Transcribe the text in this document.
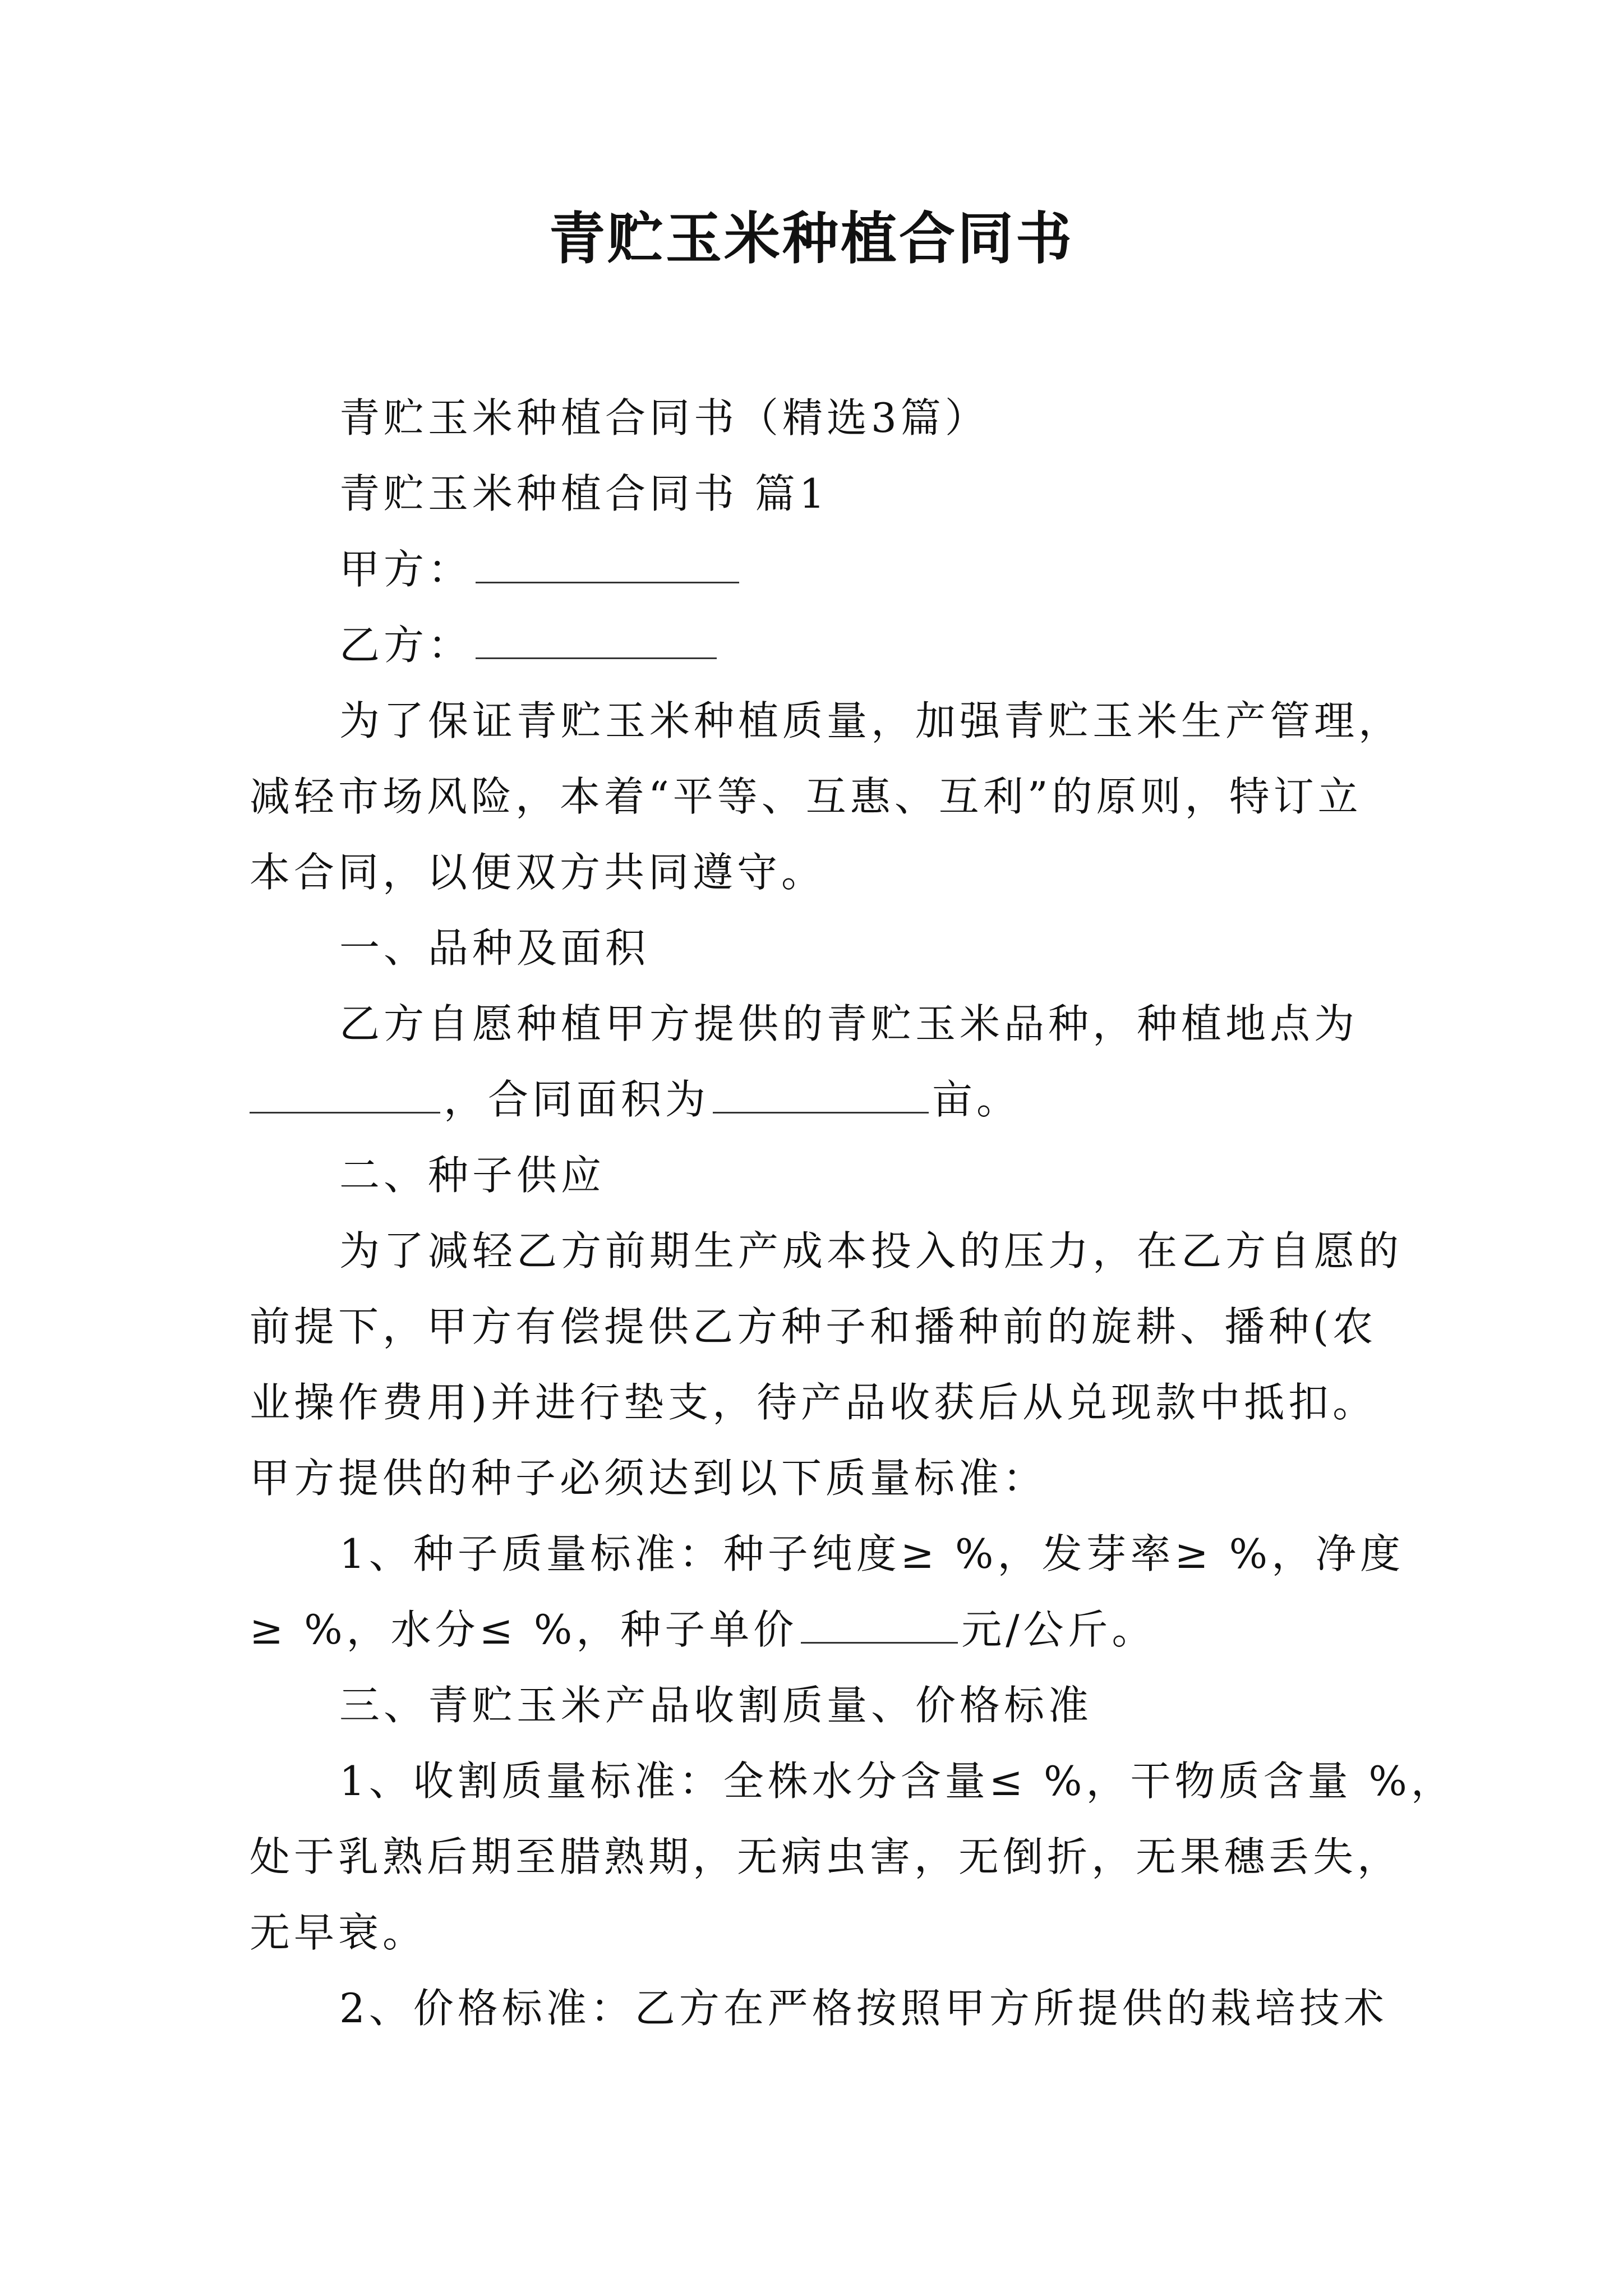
青贮玉米种植合同书
青贮玉米种植合同书（精选3篇）
青贮玉米种植合同书 篇1
甲方：
乙方：
为了保证青贮玉米种植质量，加强青贮玉米生产管理，
减轻市场风险，本着“平等、互惠、互利”的原则，特订立
本合同，以便双方共同遵守。
一、品种及面积
乙方自愿种植甲方提供的青贮玉米品种，种植地点为
，合同面积为	亩。
二、种子供应
为了减轻乙方前期生产成本投入的压力，在乙方自愿的
前提下，甲方有偿提供乙方种子和播种前的旋耕、播种(农
业操作费用)并进行垫支，待产品收获后从兑现款中抵扣。
甲方提供的种子必须达到以下质量标准：
1、种子质量标准：种子纯度≥ %，发芽率≥ %，净度
≥ %，水分≤ %，种子单价	元/公斤。
三、青贮玉米产品收割质量、价格标准
1、收割质量标准：全株水分含量≤ %，干物质含量 %，
处于乳熟后期至腊熟期，无病虫害，无倒折，无果穗丢失，
无早衰。
2、价格标准：乙方在严格按照甲方所提供的栽培技术
